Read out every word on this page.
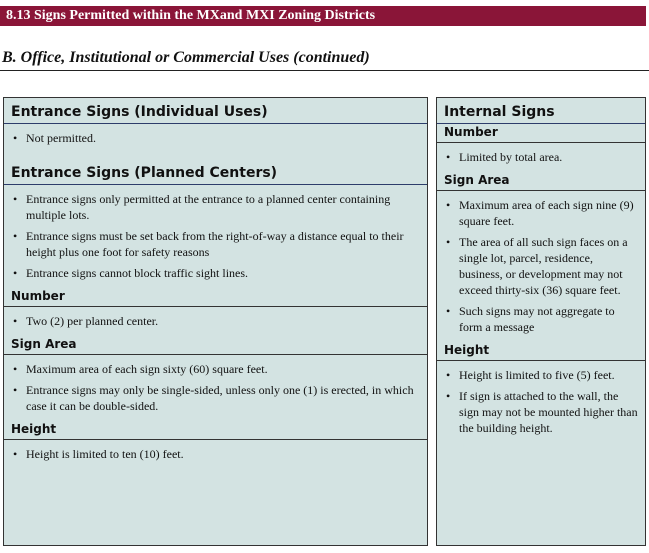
8.13 Signs Permitted within the MXand MXI Zoning Districts
B. Office, Institutional or Commercial Uses (continued)
Entrance Signs (Individual Uses)
• Not permitted.
Entrance Signs (Planned Centers)
• Entrance signs only permitted at the entrance to a planned center containing multiple lots.
• Entrance signs must be set back from the right-of-way a distance equal to their height plus one foot for safety reasons
• Entrance signs cannot block traffic sight lines.
Number
• Two (2) per planned center.
Sign Area
• Maximum area of each sign sixty (60) square feet.
• Entrance signs may only be single-sided, unless only one (1) is erected, in which case it can be double-sided.
Height
• Height is limited to ten (10) feet.
Internal Signs
Number
• Limited by total area.
Sign Area
• Maximum area of each sign nine (9) square feet.
• The area of all such sign faces on a single lot, parcel, residence, business, or development may not exceed thirty-six (36) square feet.
• Such signs may not aggregate to form a message
Height
• Height is limited to five (5) feet.
• If sign is attached to the wall, the sign may not be mounted higher than the building height.
